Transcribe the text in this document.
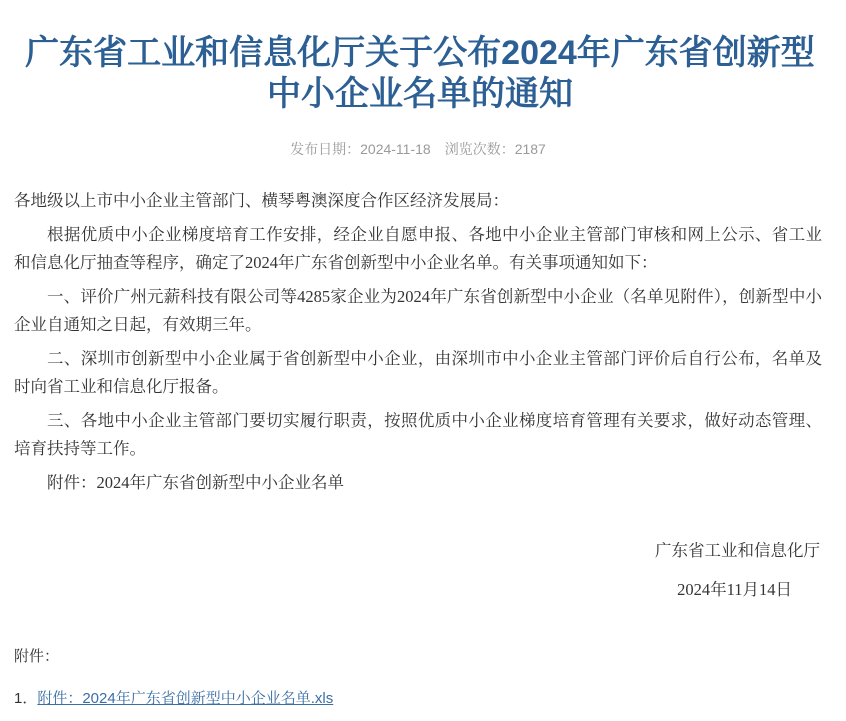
广东省工业和信息化厅关于公布2024年广东省创新型中小企业名单的通知
发布日期：2024-11-18 浏览次数：2187

各地级以上市中小企业主管部门、横琴粤澳深度合作区经济发展局：

根据优质中小企业梯度培育工作安排，经企业自愿申报、各地中小企业主管部门审核和网上公示、省工业和信息化厅抽查等程序，确定了2024年广东省创新型中小企业名单。有关事项通知如下：

一、评价广州元薪科技有限公司等4285家企业为2024年广东省创新型中小企业（名单见附件），创新型中小企业自通知之日起，有效期三年。

二、深圳市创新型中小企业属于省创新型中小企业，由深圳市中小企业主管部门评价后自行公布，名单及时向省工业和信息化厅报备。

三、各地中小企业主管部门要切实履行职责，按照优质中小企业梯度培育管理有关要求，做好动态管理、培育扶持等工作。

附件：2024年广东省创新型中小企业名单

广东省工业和信息化厅
2024年11月14日
附件：
1．附件：2024年广东省创新型中小企业名单.xls
